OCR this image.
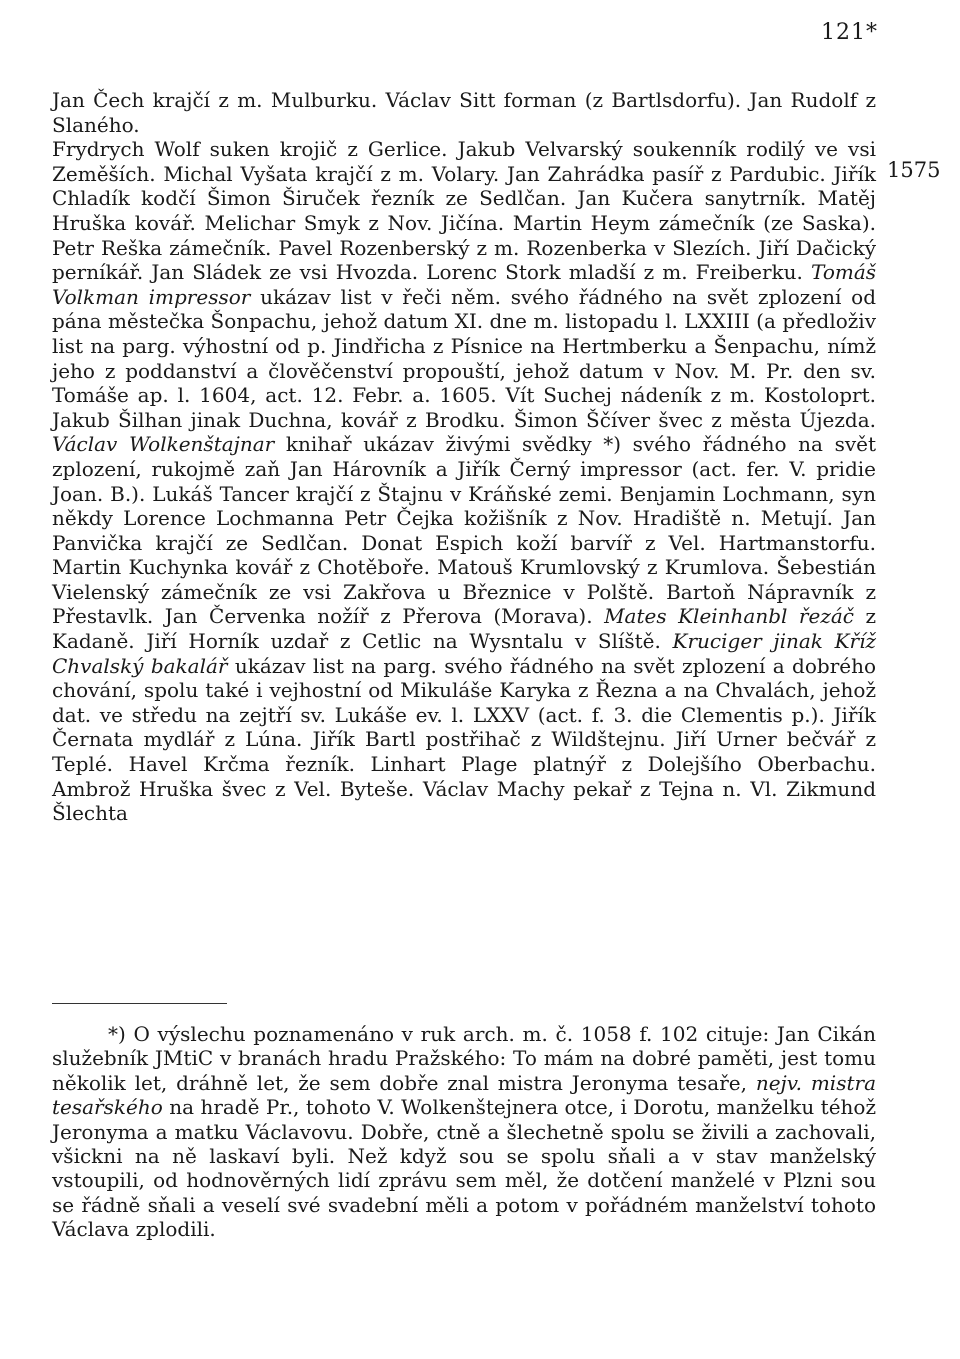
121*
1575

Jan Čech krajčí z m. Mulburku. Václav Sitt forman (z Bartlsdorfu). Jan Rudolf z Slaného.
Frydrych Wolf suken krojič z Gerlice. Jakub Velvarský soukenník rodilý ve vsi Zeměších. Michal Vyšata krajčí z m. Volary. Jan Zahrádka pasíř z Pardubic. Jiřík Chladík kodčí Šimon Širuček řezník ze Sedlčan. Jan Kučera sanytrník. Matěj Hruška kovář. Melichar Smyk z Nov. Jičína. Martin Heym zámečník (ze Saska). Petr Reška zámečník. Pavel Rozenberský z m. Rozenberka v Slezích. Jiří Dačický perníkář. Jan Sládek ze vsi Hvozda. Lorenc Stork mladší z m. Freiberku. Tomáš Volkman impressor ukázav list v řeči něm. svého řádného na svět zplození od pána městečka Šonpachu, jehož datum XI. dne m. listopadu l. LXXIII (a předloživ list na parg. výhostní od p. Jindřicha z Písnice na Hertmberku a Šenpachu, nímž jeho z poddanství a člověčenství propouští, jehož datum v Nov. M. Pr. den sv. Tomáše ap. l. 1604, act. 12. Febr. a. 1605. Vít Suchej nádeník z m. Kostoloprt. Jakub Šilhan jinak Duchna, kovář z Brodku. Šimon Ščíver švec z města Újezda. Václav Wolkenštajnar knihař ukázav živými svědky *) svého řádného na svět zplození, rukojmě zaň Jan Hárovník a Jiřík Černý impressor (act. fer. V. pridie Joan. B.). Lukáš Tancer krajčí z Štajnu v Kráňské zemi. Benjamin Lochmann, syn někdy Lorence Lochmanna Petr Čejka kožišník z Nov. Hradiště n. Metují. Jan Panvička krajčí ze Sedlčan. Donat Espich koží barvíř z Vel. Hartmanstorfu. Martin Kuchynka kovář z Chotěboře. Matouš Krumlovský z Krumlova. Šebestián Vielenský zámečník ze vsi Zakřova u Březnice v Polště. Bartoň Nápravník z Přestavlk. Jan Červenka nožíř z Přerova (Morava). Mates Kleinhanbl řezáč z Kadaně. Jiří Horník uzdař z Cetlic na Wysntalu v Slíště. Kruciger jinak Kříž Chvalský bakalář ukázav list na parg. svého řádného na svět zplození a dobrého chování, spolu také i vejhostní od Mikuláše Karyka z Řezna a na Chvalách, jehož dat. ve středu na zejtří sv. Lukáše ev. l. LXXV (act. f. 3. die Clementis p.). Jiřík Černata mydlář z Lúna. Jiřík Bartl postřihač z Wildštejnu. Jiří Urner bečvář z Teplé. Havel Krčma řezník. Linhart Plage platnýř z Dolejšího Oberbachu. Ambrož Hruška švec z Vel. Byteše. Václav Machy pekař z Tejna n. Vl. Zikmund Šlechta

*) O výslechu poznamenáno v ruk arch. m. č. 1058 f. 102 cituje: Jan Cikán služebník JMtiC v branách hradu Pražského: To mám na dobré paměti, jest tomu několik let, dráhně let, že sem dobře znal mistra Jeronyma tesaře, nejv. mistra tesařského na hradě Pr., tohoto V. Wolkenštejnera otce, i Dorotu, manželku téhož Jeronyma a matku Václavovu. Dobře, ctně a šlechetně spolu se živili a zachovali, všickni na ně laskaví byli. Než když sou se spolu sňali a v stav manželský vstoupili, od hodnověrných lidí zprávu sem měl, že dotčení manželé v Plzni sou se řádně sňali a veselí své svadební měli a potom v pořádném manželství tohoto Václava zplodili.
